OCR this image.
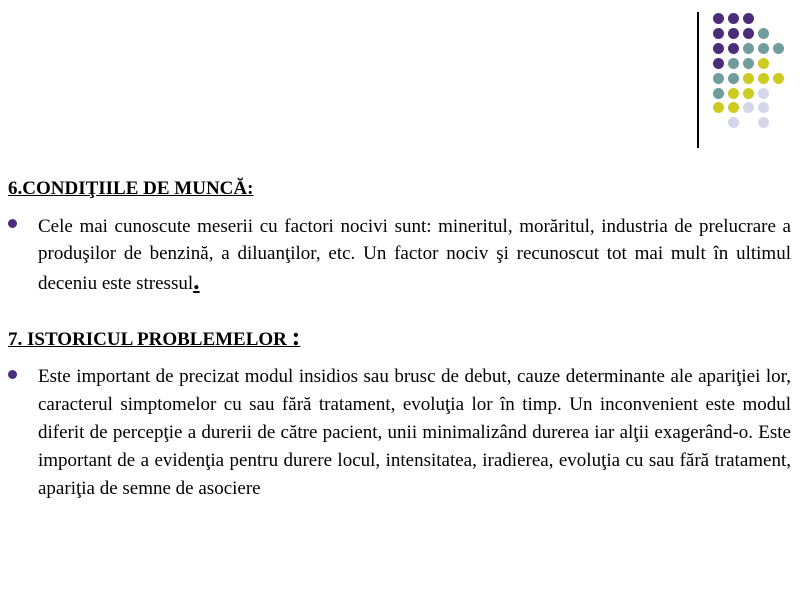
6.CONDIŢIILE DE MUNCĂ:

Cele mai cunoscute meserii cu factori nocivi sunt: mineritul, morăritul, industria de prelucrare a produşilor de benzină, a diluanţilor, etc. Un factor nociv şi recunoscut tot mai mult în ultimul deceniu este stressul.

7. ISTORICUL PROBLEMELOR :

Este important de precizat modul insidios sau brusc de debut, cauze determinante ale apariţiei lor, caracterul simptomelor cu sau fără tratament, evoluţia lor în timp. Un inconvenient este modul diferit de percepţie a durerii de către pacient, unii minimalizând durerea iar alţii exagerând-o. Este important de a evidenţia pentru durere locul, intensitatea, iradierea, evoluţia cu sau fără tratament, apariţia de semne de asociere
